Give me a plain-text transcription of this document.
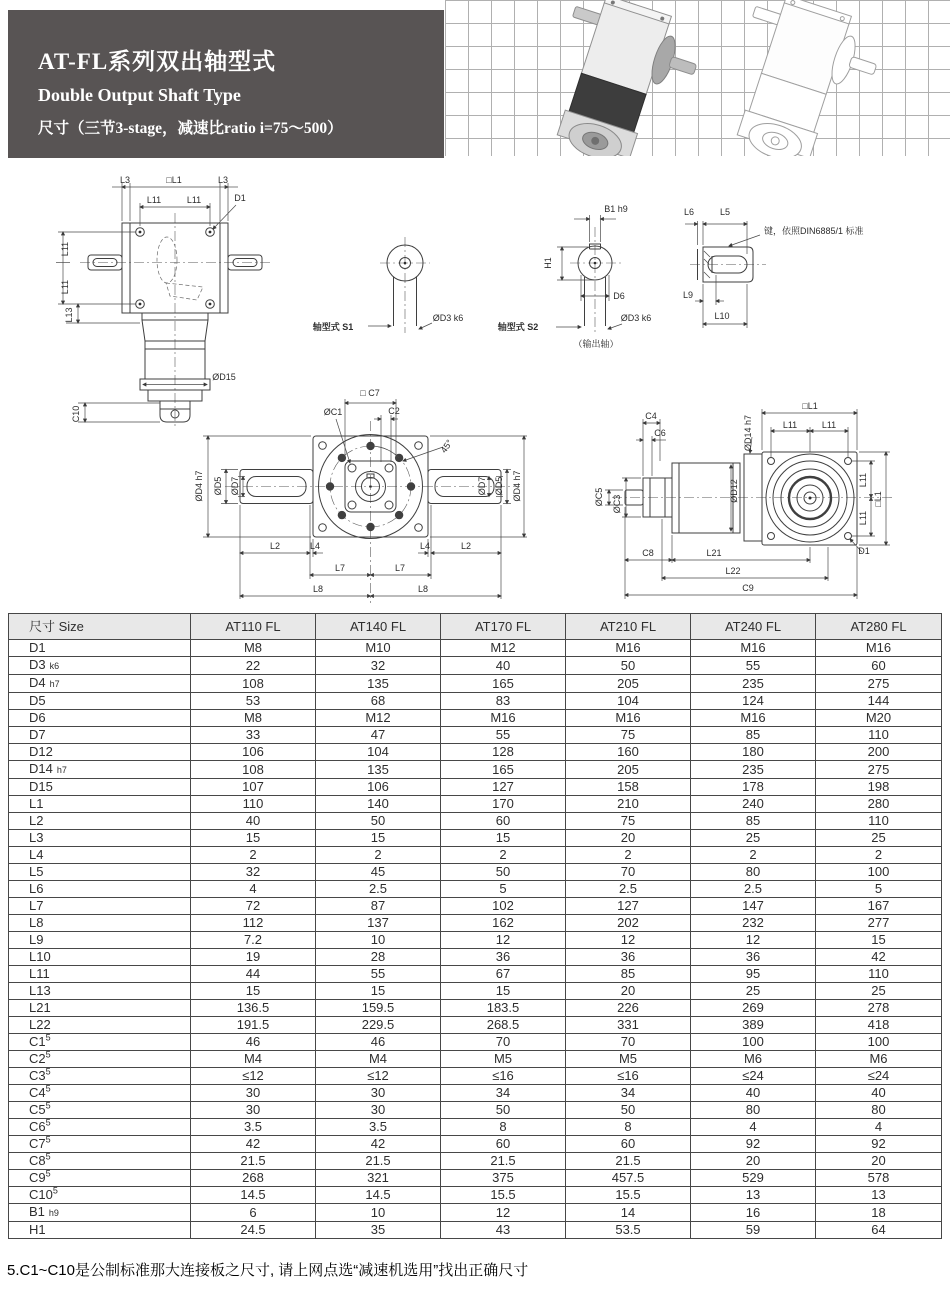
AT-FL系列双出轴型式
Double Output Shaft Type
尺寸（三节3-stage，减速比ratio i=75～500）
L3	□L1	L3
L11	L11	D1
L11
L11
L13
ØD15
C10
轴型式 S1
ØD3 k6
B1 h9
H1
D6
ØD3 k6
轴型式 S2
（输出轴）
L6	L5
键，依照DIN6885/1 标准
L9
L10
□ C7
C2
ØC1
45°
ØD4 h7 ØD5 ØD7	ØD7 ØD5 ØD4 h7
L2	L4	L4	L2
L7	L7
L8	L8
C4
C6	ØD14 h7
□L1
L11	L11
ØC5 ØC3
ØD12	L11
□L1
L11
C8	L21
L22
C9
D1
尺寸 Size	AT110 FL	AT140 FL	AT170 FL	AT210 FL	AT240 FL	AT280 FL
D1	M8	M10	M12	M16	M16	M16
D3 k6	22	32	40	50	55	60
D4 h7	108	135	165	205	235	275
D5	53	68	83	104	124	144
D6	M8	M12	M16	M16	M16	M20
D7	33	47	55	75	85	110
D12	106	104	128	160	180	200
D14 h7	108	135	165	205	235	275
D15	107	106	127	158	178	198
L1	110	140	170	210	240	280
L2	40	50	60	75	85	110
L3	15	15	15	20	25	25
L4	2	2	2	2	2	2
L5	32	45	50	70	80	100
L6	4	2.5	5	2.5	2.5	5
L7	72	87	102	127	147	167
L8	112	137	162	202	232	277
L9	7.2	10	12	12	12	15
L10	19	28	36	36	36	42
L11	44	55	67	85	95	110
L13	15	15	15	20	25	25
L21	136.5	159.5	183.5	226	269	278
L22	191.5	229.5	268.5	331	389	418
$C1^5$	46	46	70	70	100	100
$C2^5$	M4	M4	M5	M5	M6	M6
$C3^5$	≤12	≤12	≤16	≤16	≤24	≤24
$C4^5$	30	30	34	34	40	40
$C5^5$	30	30	50	50	80	80
$C6^5$	3.5	3.5	8	8	4	4
$C7^5$	42	42	60	60	92	92
$C8^5$	21.5	21.5	21.5	21.5	20	20
$C9^5$	268	321	375	457.5	529	578
$C10^5$	14.5	14.5	15.5	15.5	13	13
B1 h9	6	10	12	14	16	18
H1	24.5	35	43	53.5	59	64
5.C1~C10是公制标准那大连接板之尺寸, 请上网点选“减速机选用”找出正确尺寸
